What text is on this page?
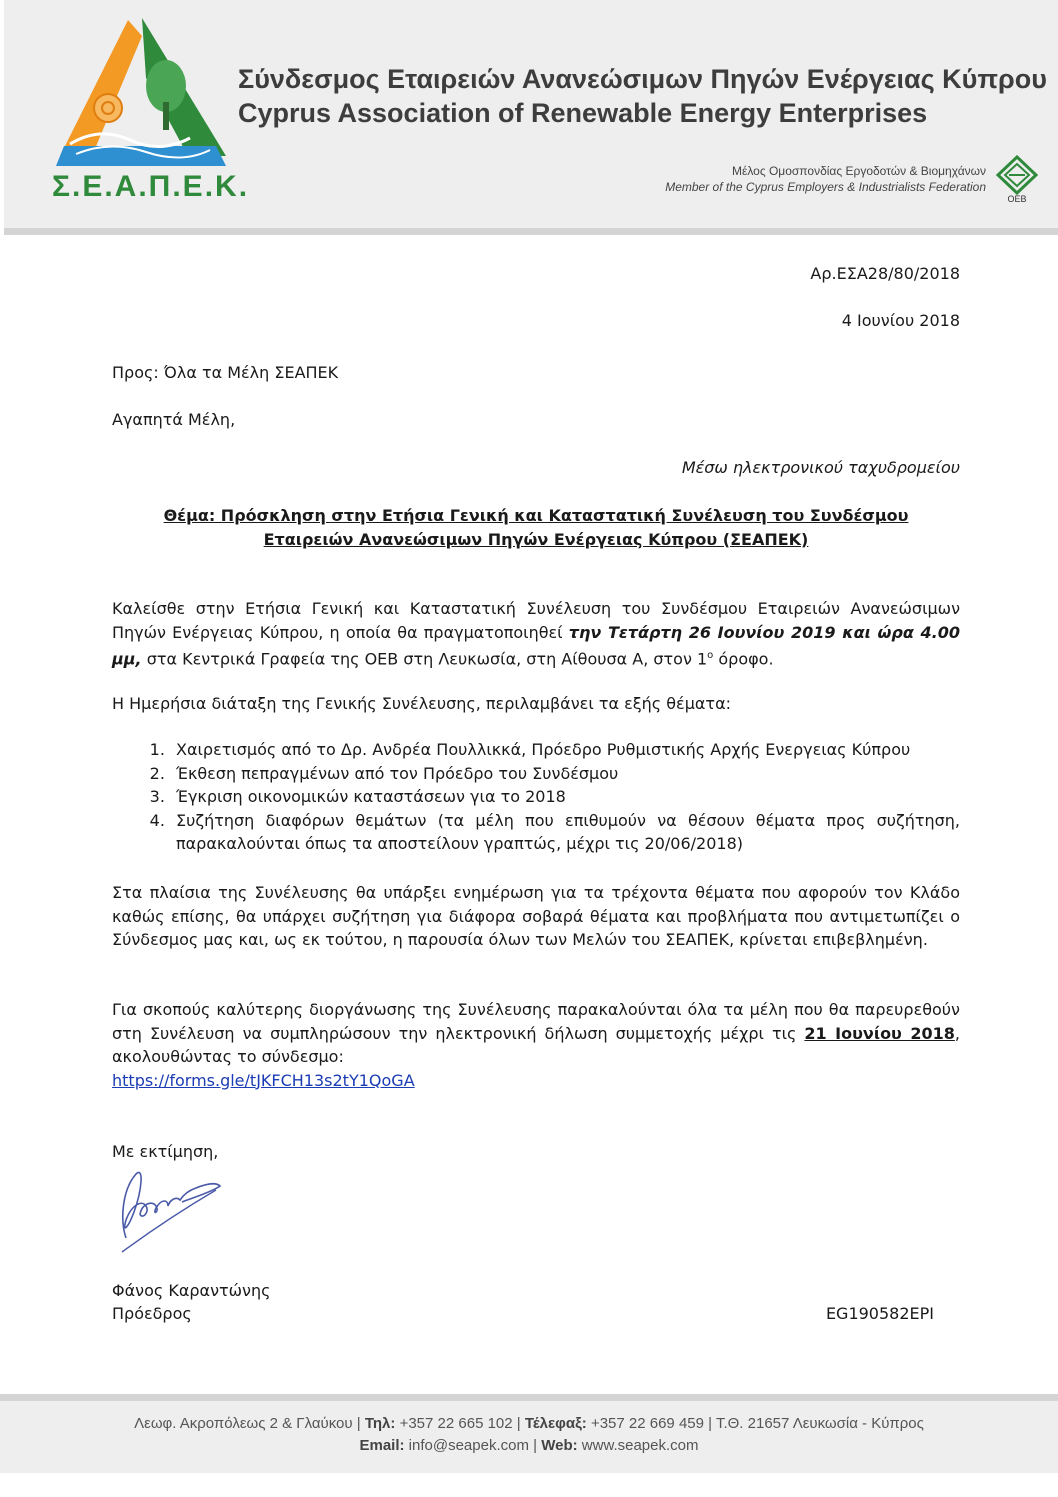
Σ.Ε.Α.Π.Ε.Κ.
Σύνδεσμος Εταιρειών Ανανεώσιμων Πηγών Ενέργειας Κύπρου
Cyprus Association of Renewable Energy Enterprises
Μέλος Ομοσπονδίας Εργοδοτών & Βιομηχάνων
Member of the Cyprus Employers & Industrialists Federation
ΟΕΒ
Αρ.ΕΣΑ28/80/2018
4 Ιουνίου 2018
Προς: Όλα τα Μέλη ΣΕΑΠΕΚ
Αγαπητά Μέλη,
Μέσω ηλεκτρονικού ταχυδρομείου
Θέμα: Πρόσκληση στην Ετήσια Γενική και Καταστατική Συνέλευση του Συνδέσμου
Εταιρειών Ανανεώσιμων Πηγών Ενέργειας Κύπρου (ΣΕΑΠΕΚ)
Καλείσθε στην Ετήσια Γενική και Καταστατική Συνέλευση του Συνδέσμου Εταιρειών Ανανεώσιμων Πηγών Ενέργειας Κύπρου, η οποία θα πραγματοποιηθεί την Τετάρτη 26 Ιουνίου 2019 και ώρα 4.00 μμ, στα Κεντρικά Γραφεία της ΟΕΒ στη Λευκωσία, στη Αίθουσα Α, στον $1^o$ όροφο.
Η Ημερήσια διάταξη της Γενικής Συνέλευσης, περιλαμβάνει τα εξής θέματα:
1. Χαιρετισμός από το Δρ. Ανδρέα Πουλλικκά, Πρόεδρο Ρυθμιστικής Αρχής Ενεργειας Κύπρου
2. Έκθεση πεπραγμένων από τον Πρόεδρο του Συνδέσμου
3. Έγκριση οικονομικών καταστάσεων για το 2018
4. Συζήτηση διαφόρων θεμάτων (τα μέλη που επιθυμούν να θέσουν θέματα προς συζήτηση, παρακαλούνται όπως τα αποστείλουν γραπτώς, μέχρι τις 20/06/2018)
Στα πλαίσια της Συνέλευσης θα υπάρξει ενημέρωση για τα τρέχοντα θέματα που αφορούν τον Κλάδο καθώς επίσης, θα υπάρχει συζήτηση για διάφορα σοβαρά θέματα και προβλήματα που αντιμετωπίζει ο Σύνδεσμος μας και, ως εκ τούτου, η παρουσία όλων των Μελών του ΣΕΑΠΕΚ, κρίνεται επιβεβλημένη.
Για σκοπούς καλύτερης διοργάνωσης της Συνέλευσης παρακαλούνται όλα τα μέλη που θα παρευρεθούν στη Συνέλευση να συμπληρώσουν την ηλεκτρονική δήλωση συμμετοχής μέχρι τις 21 Ιουνίου 2018, ακολουθώντας το σύνδεσμο:
https://forms.gle/tJKFCH13s2tY1QoGA
Με εκτίμηση,
Φάνος Καραντώνης
Πρόεδρος	EG190582EPI
Λεωφ. Ακροπόλεως 2 & Γλαύκου | Τηλ: +357 22 665 102 | Τέλεφαξ: +357 22 669 459 | Τ.Θ. 21657 Λευκωσία - Κύπρος
Email: info@seapek.com | Web: www.seapek.com
